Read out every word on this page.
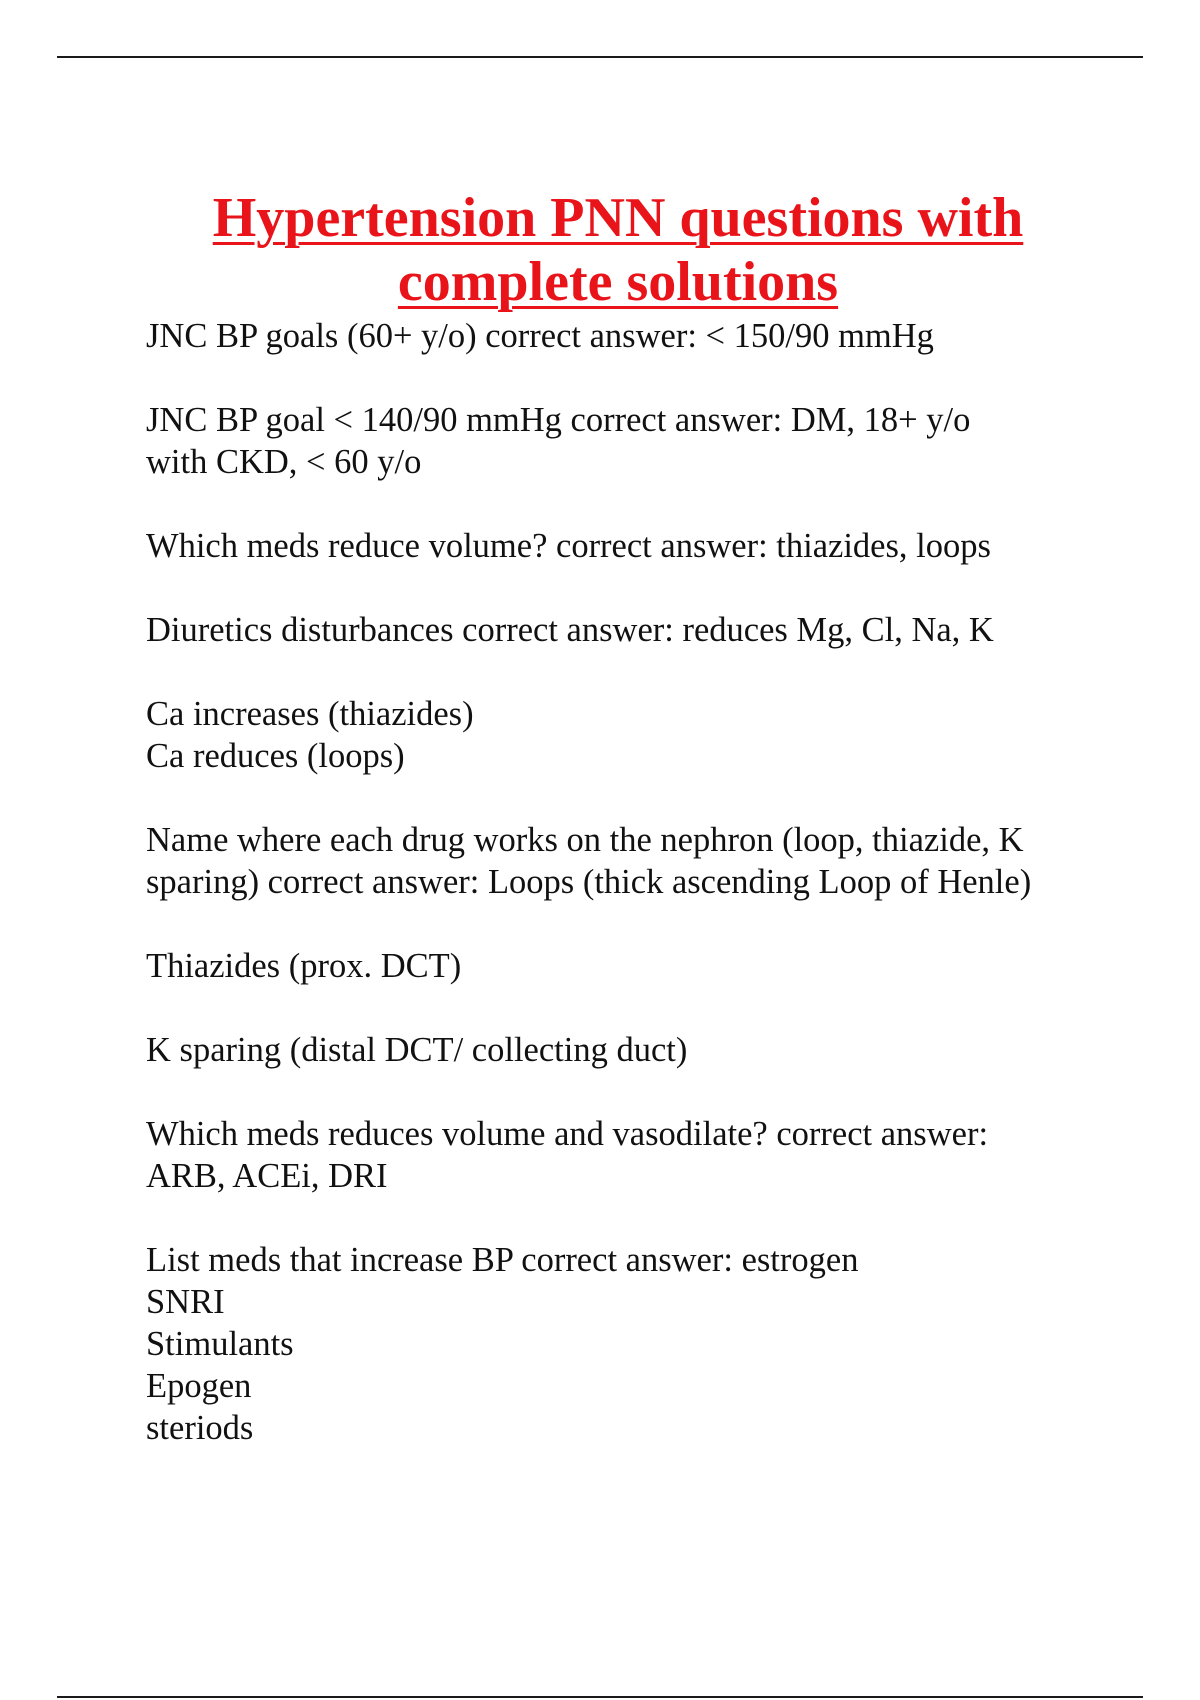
Hypertension PNN questions with
complete solutions

JNC BP goals (60+ y/o) correct answer: < 150/90 mmHg

JNC BP goal < 140/90 mmHg correct answer: DM, 18+ y/o
with CKD, < 60 y/o

Which meds reduce volume? correct answer: thiazides, loops

Diuretics disturbances correct answer: reduces Mg, Cl, Na, K

Ca increases (thiazides)
Ca reduces (loops)

Name where each drug works on the nephron (loop, thiazide, K
sparing) correct answer: Loops (thick ascending Loop of Henle)

Thiazides (prox. DCT)

K sparing (distal DCT/ collecting duct)

Which meds reduces volume and vasodilate? correct answer:
ARB, ACEi, DRI

List meds that increase BP correct answer: estrogen
SNRI
Stimulants
Epogen
steriods
